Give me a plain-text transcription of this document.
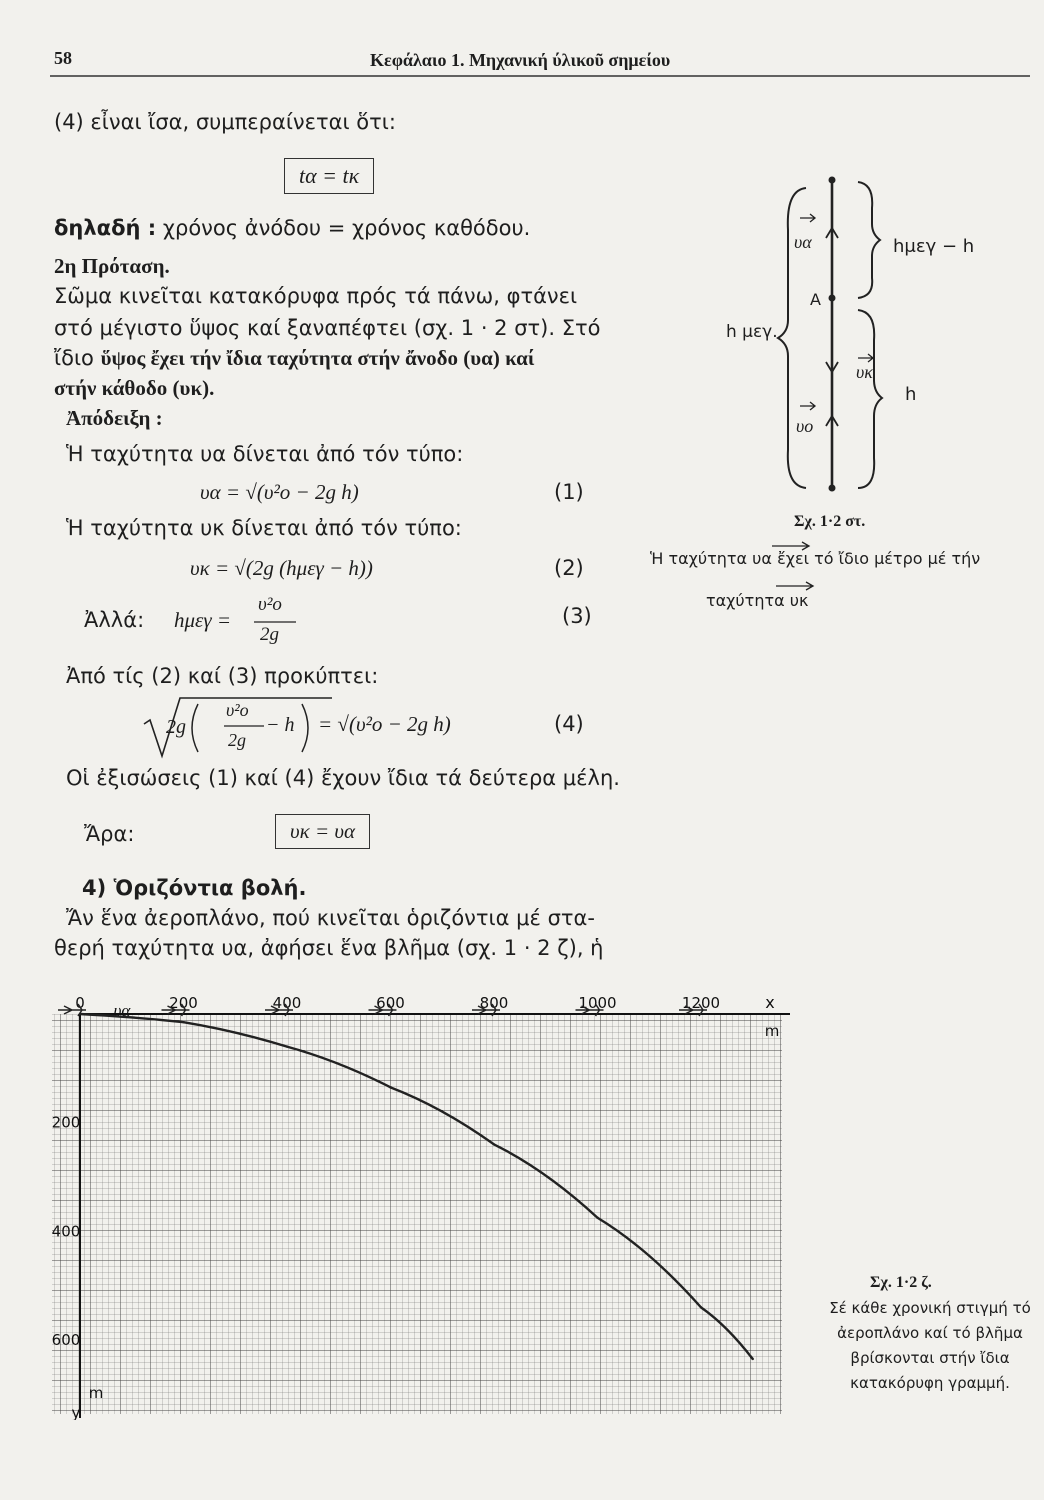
58	Κεφάλαιο 1. Μηχανική ύλικοῦ σημείου
(4) εἶναι ἴσα, συμπεραίνεται ὅτι:
tα = tκ
δηλαδή : χρόνος ἀνόδου = χρόνος καθόδου.
2η Πρόταση.
Σῶμα κινεῖται κατακόρυφα πρός τά πάνω, φτάνει
στό μέγιστο ὕψος καί ξαναπέφτει (σχ. 1 · 2 στ). Στό
ἴδιο ὕψος ἔχει τήν ἴδια ταχύτητα στήν ἄνοδο (υα) καί
στήν κάθοδο (υκ).
Ἀπόδειξη :
Ἡ ταχύτητα υα δίνεται ἀπό τόν τύπο:
υα = √(υ²ο − 2g h)	(1)
Ἡ ταχύτητα υκ δίνεται ἀπό τόν τύπο:
υκ = √(2g (hμεγ − h))	(2)
Ἀλλά: hμεγ =
υ²ο
2g
(3)
Ἀπό τίς (2) καί (3) προκύπτει:
2g
υ²ο
2g
− h = √(υ²ο − 2g h)	(4)
Οἱ ἐξισώσεις (1) καί (4) ἔχουν ἴδια τά δεύτερα μέλη.
Ἄρα:	υκ = υα
4) Ὁριζόντια βολή.
Ἄν ἕνα ἀεροπλάνο, πού κινεῖται ὁριζόντια μέ στα-
θερή ταχύτητα υα, ἀφήσει ἕνα βλῆμα (σχ. 1 · 2 ζ), ἡ
υα	hμεγ − h
A
h μεγ.
υκ
h
υο
Σχ. 1·2 στ.
Ἡ ταχύτητα υα ἔχει τό ἴδιο μέτρο μέ τήν
ταχύτητα υκ
0	200	400	600	800	1000	1200
200
400
600
x
m
y
m
υα
Σχ. 1·2 ζ.
Σέ κάθε χρονική στιγμή τό ἀεροπλάνο καί τό βλῆμα βρίσκονται στήν ἴδια κατακόρυφη γραμμή.
